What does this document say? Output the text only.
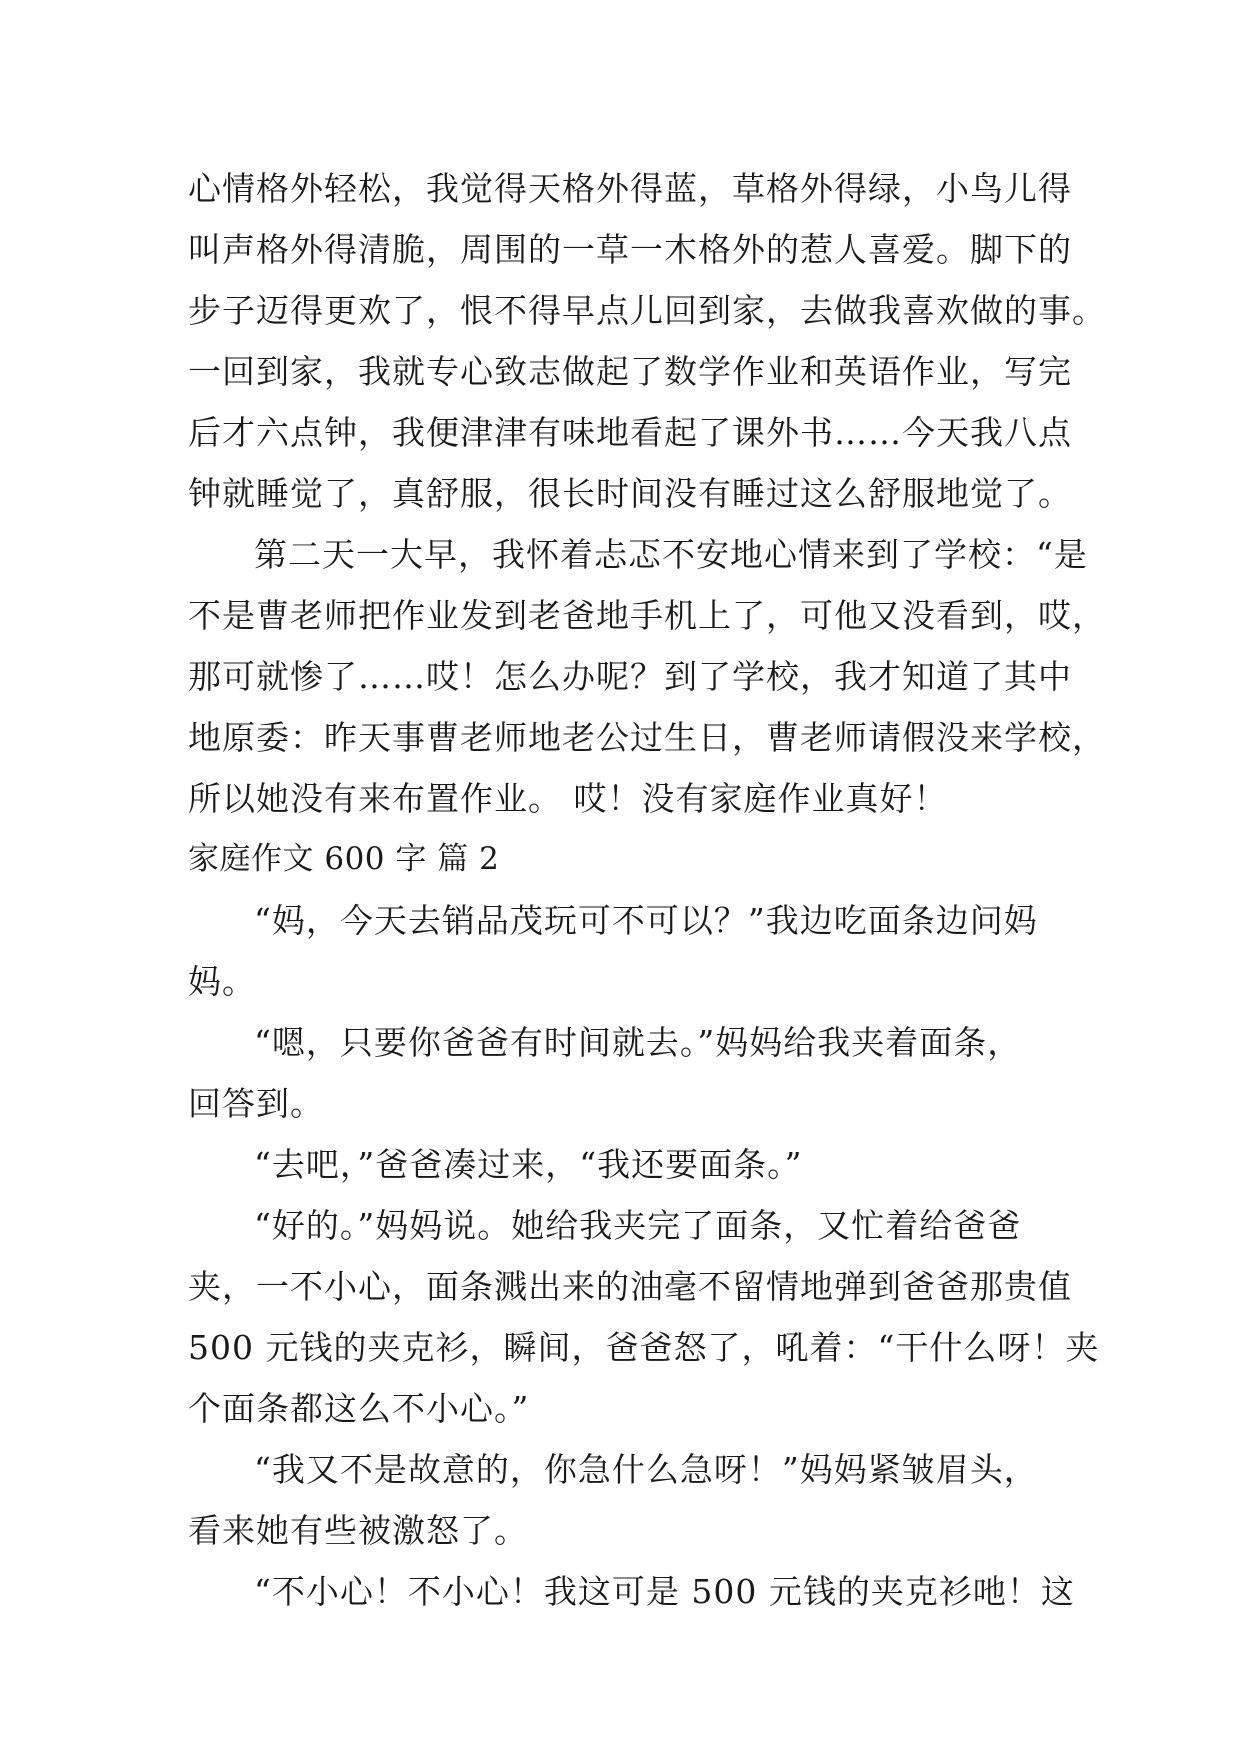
心情格外轻松，我觉得天格外得蓝，草格外得绿，小鸟儿得

叫声格外得清脆，周围的一草一木格外的惹人喜爱。脚下的

步子迈得更欢了，恨不得早点儿回到家，去做我喜欢做的事。

一回到家，我就专心致志做起了数学作业和英语作业，写完

后才六点钟，我便津津有味地看起了课外书……今天我八点

钟就睡觉了，真舒服，很长时间没有睡过这么舒服地觉了。

第二天一大早，我怀着忐忑不安地心情来到了学校：“是

不是曹老师把作业发到老爸地手机上了，可他又没看到，哎，

那可就惨了……哎！怎么办呢？到了学校，我才知道了其中

地原委：昨天事曹老师地老公过生日，曹老师请假没来学校，

所以她没有来布置作业。 哎！没有家庭作业真好！

家庭作文 600 字 篇 2

“妈，今天去销品茂玩可不可以？”我边吃面条边问妈

妈。

“嗯，只要你爸爸有时间就去。”妈妈给我夹着面条，

回答到。

“去吧，”爸爸凑过来，“我还要面条。”

“好的。”妈妈说。她给我夹完了面条，又忙着给爸爸

夹，一不小心，面条溅出来的油毫不留情地弹到爸爸那贵值

500 元钱的夹克衫，瞬间，爸爸怒了，吼着：“干什么呀！夹

个面条都这么不小心。”

“我又不是故意的，你急什么急呀！”妈妈紧皱眉头，

看来她有些被激怒了。

“不小心！不小心！我这可是 500 元钱的夹克衫吔！这
